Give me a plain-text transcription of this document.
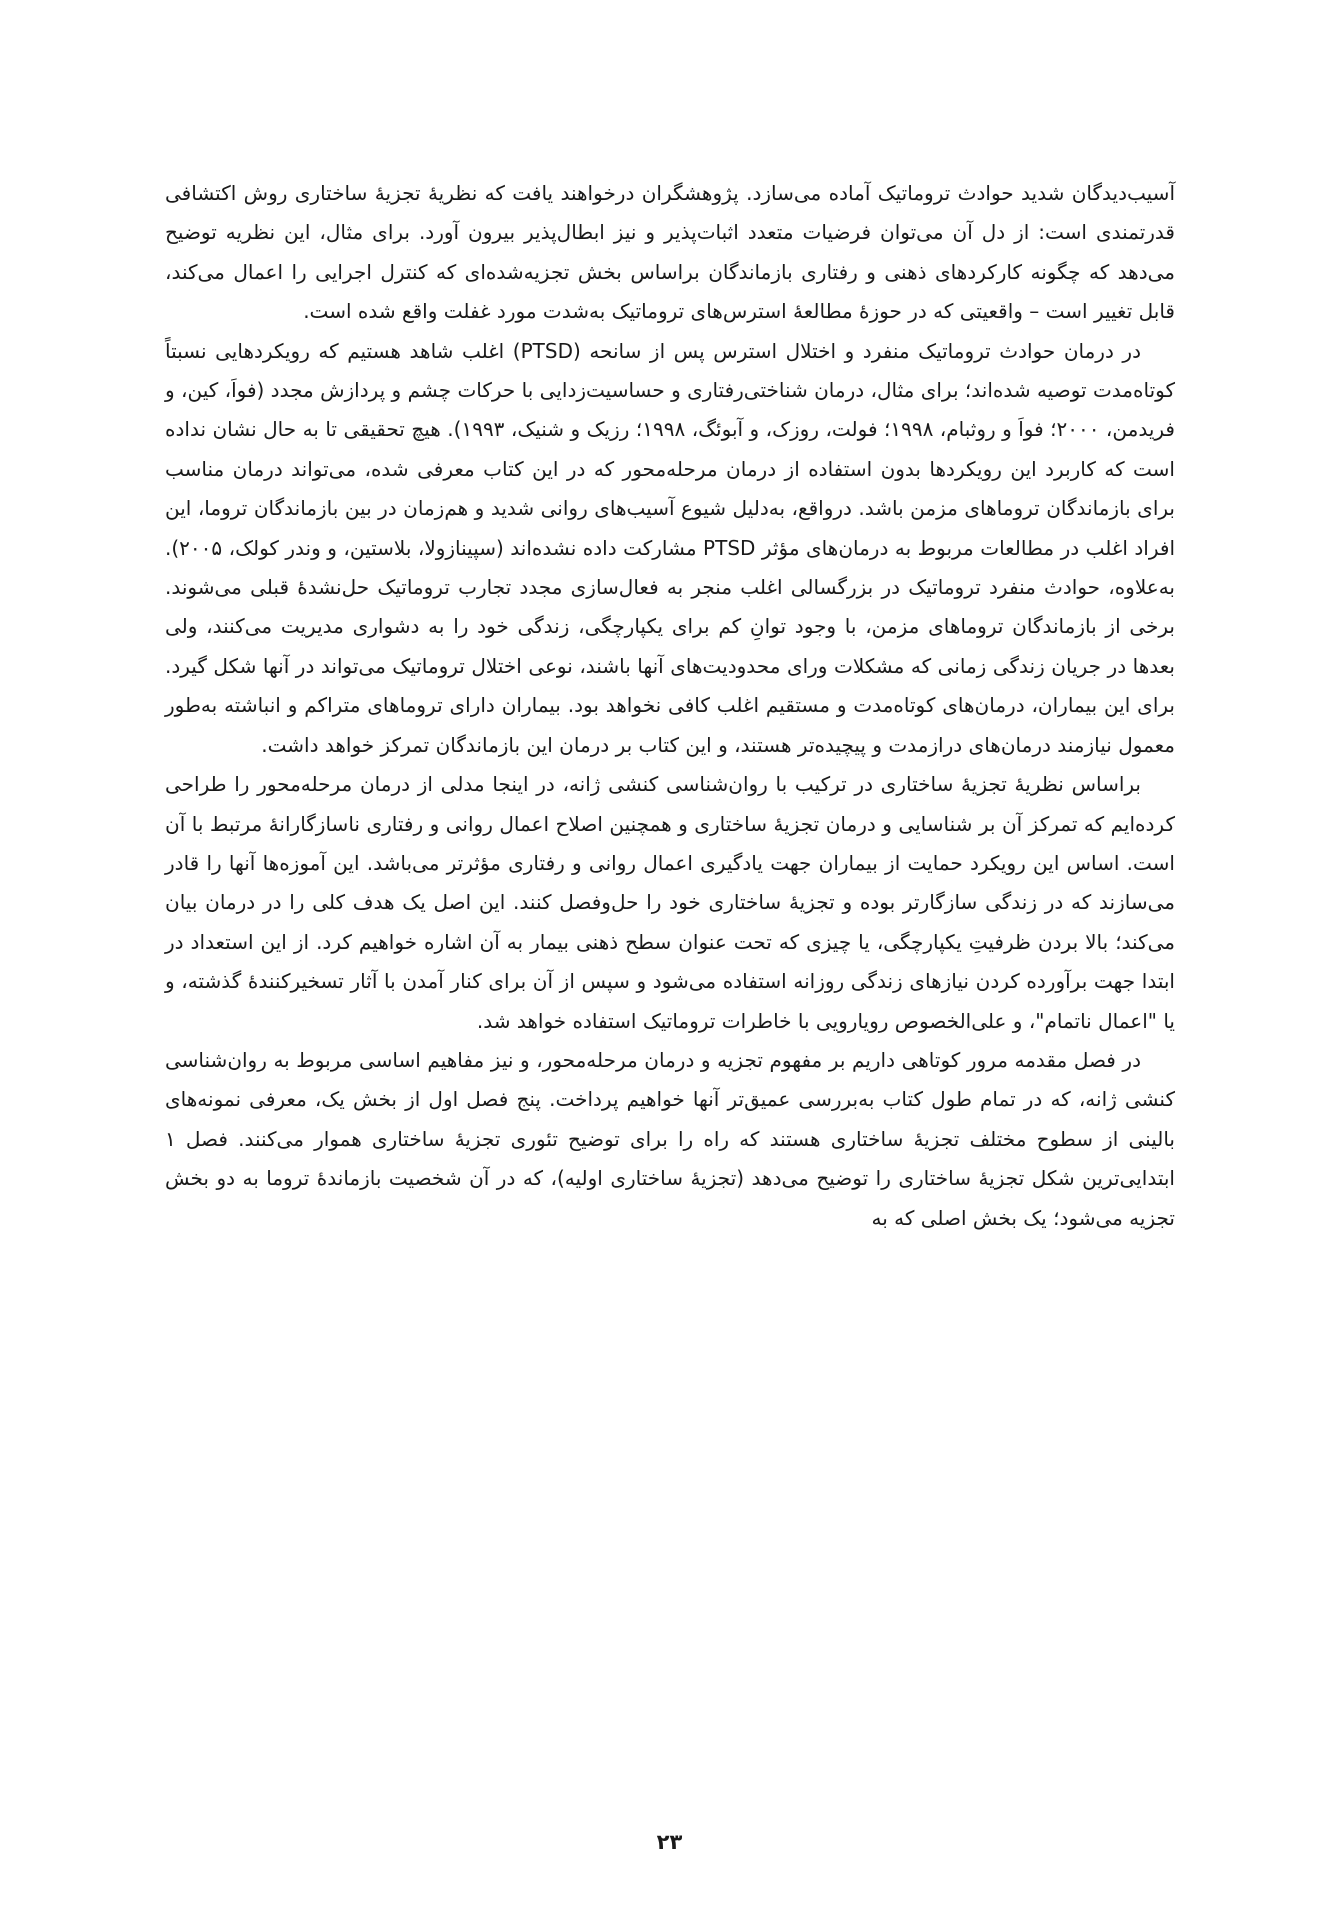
آسیب‌دیدگان شدید حوادث تروماتیک آماده می‌سازد. پژوهشگران درخواهند یافت که نظریهٔ تجزیهٔ ساختاری روش اکتشافی قدرتمندی است: از دل آن می‌توان فرضیات متعدد اثبات‌پذیر و نیز ابطال‌پذیر بیرون آورد. برای مثال، این نظریه توضیح می‌دهد که چگونه کارکردهای ذهنی و رفتاری بازماندگان براساس بخش تجزیه‌شده‌ای که کنترل اجرایی را اعمال می‌کند، قابل تغییر است – واقعیتی که در حوزهٔ مطالعهٔ استرس‌های تروماتیک به‌شدت مورد غفلت واقع شده است.

در درمان حوادث تروماتیک منفرد و اختلال استرس پس از سانحه (PTSD) اغلب شاهد هستیم که رویکردهایی نسبتاً کوتاه‌مدت توصیه شده‌اند؛ برای مثال، درمان شناختی‌رفتاری و حساسیت‌زدایی با حرکات چشم و پردازش مجدد (فواَ، کین، و فریدمن، ۲۰۰۰؛ فواَ و روثبام، ۱۹۹۸؛ فولت، روزک، و آبوئگ، ۱۹۹۸؛ رزیک و شنیک، ۱۹۹۳). هیچ تحقیقی تا به حال نشان نداده است که کاربرد این رویکردها بدون استفاده از درمان مرحله‌محور که در این کتاب معرفی شده، می‌تواند درمان مناسب برای بازماندگان تروماهای مزمن باشد. درواقع، به‌دلیل شیوع آسیب‌های روانی شدید و هم‌زمان در بین بازماندگان تروما، این افراد اغلب در مطالعات مربوط به درمان‌های مؤثر PTSD مشارکت داده نشده‌اند (سپینازولا، بلاستین، و وندر کولک، ۲۰۰۵). به‌علاوه، حوادث منفرد تروماتیک در بزرگسالی اغلب منجر به فعال‌سازی مجدد تجارب تروماتیک حل‌نشدهٔ قبلی می‌شوند. برخی از بازماندگان تروماهای مزمن، با وجود توانِ کم برای یکپارچگی، زندگی خود را به دشواری مدیریت می‌کنند، ولی بعدها در جریان زندگی زمانی که مشکلات ورای محدودیت‌های آنها باشند، نوعی اختلال تروماتیک می‌تواند در آنها شکل گیرد. برای این بیماران، درمان‌های کوتاه‌مدت و مستقیم اغلب کافی نخواهد بود. بیماران دارای تروماهای متراکم و انباشته به‌طور معمول نیازمند درمان‌های درازمدت و پیچیده‌تر هستند، و این کتاب بر درمان این بازماندگان تمرکز خواهد داشت.

براساس نظریهٔ تجزیهٔ ساختاری در ترکیب با روان‌شناسی کنشی ژانه، در اینجا مدلی از درمان مرحله‌محور را طراحی کرده‌ایم که تمرکز آن بر شناسایی و درمان تجزیهٔ ساختاری و همچنین اصلاح اعمال روانی و رفتاری ناسازگارانهٔ مرتبط با آن است. اساس این رویکرد حمایت از بیماران جهت یادگیری اعمال روانی و رفتاری مؤثرتر می‌باشد. این آموزه‌ها آنها را قادر می‌سازند که در زندگی سازگارتر بوده و تجزیهٔ ساختاری خود را حل‌وفصل کنند. این اصل یک هدف کلی را در درمان بیان می‌کند؛ بالا بردن ظرفیتِ یکپارچگی، یا چیزی که تحت عنوان سطح ذهنی بیمار به آن اشاره خواهیم کرد. از این استعداد در ابتدا جهت برآورده کردن نیازهای زندگی روزانه استفاده می‌شود و سپس از آن برای کنار آمدن با آثار تسخیرکنندهٔ گذشته، و یا "اعمال ناتمام"، و علی‌الخصوص رویارویی با خاطرات تروماتیک استفاده خواهد شد.

در فصل مقدمه مرور کوتاهی داریم بر مفهوم تجزیه و درمان مرحله‌محور، و نیز مفاهیم اساسی مربوط به روان‌شناسی کنشی ژانه، که در تمام طول کتاب به‌بررسی عمیق‌تر آنها خواهیم پرداخت. پنج فصل اول از بخش یک، معرفی نمونه‌های بالینی از سطوح مختلف تجزیهٔ ساختاری هستند که راه را برای توضیح تئوری تجزیهٔ ساختاری هموار می‌کنند. فصل ۱ ابتدایی‌ترین شکل تجزیهٔ ساختاری را توضیح می‌دهد (تجزیهٔ ساختاری اولیه)، که در آن شخصیت بازماندهٔ تروما به دو بخش تجزیه می‌شود؛ یک بخش اصلی که به

۲۳
